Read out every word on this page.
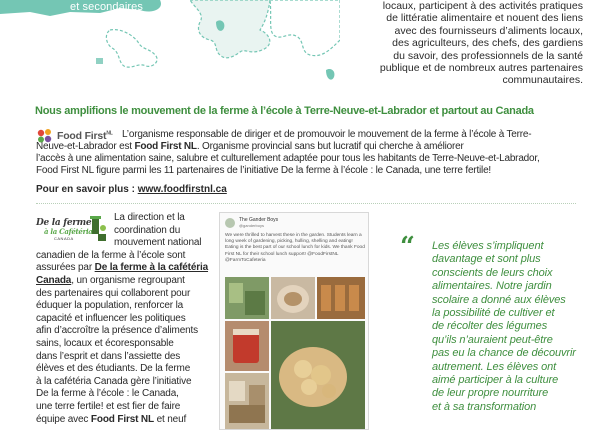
et secondaires	locaux, participent à des activités pratiques
de littératie alimentaire et nouent des liens
avec des fournisseurs d’aliments locaux,
des agriculteurs, des chefs, des gardiens
du savoir, des professionnels de la santé
publique et de nombreux autres partenaires
communautaires.
Nous amplifions le mouvement de la ferme à l’école à Terre-Neuve-et-Labrador et partout au Canada
Food First$^{NL}$ L’organisme responsable de diriger et de promouvoir le mouvement de la ferme à l’école à Terre-
Neuve-et-Labrador est Food First NL. Organisme provincial sans but lucratif qui cherche à améliorer
l’accès à une alimentation saine, salubre et culturellement adaptée pour tous les habitants de Terre-Neuve-et-Labrador,
Food First NL figure parmi les 11 partenaires de l’initiative De la ferme à l’école : le Canada, une terre fertile!
Pour en savoir plus : www.foodfirstnl.ca
De la ferme
à la Cafétéria
CANADA
La direction et la
coordination du
mouvement national
canadien de la ferme à l’école sont
assurées par De la ferme à la cafétéria
Canada, un organisme regroupant
des partenaires qui collaborent pour
éduquer la population, renforcer la
capacité et influencer les politiques
afin d’accroître la présence d’aliments
sains, locaux et écoresponsable
dans l’esprit et dans l’assiette des
élèves et des étudiants. De la ferme
à la cafétéria Canada gère l’initiative
De la ferme à l’école : le Canada,
une terre fertile! et est fier de faire
équipe avec Food First NL et neuf
The Gander Boys
@ganderboys
We were thrilled to harvest these in the garden. Students learn a long week of gardening, picking, hulling, shelling and eating! Eating is the best part of our school lunch for kids. We thank Food First NL for their school lunch support! @FoodFirstNL @FarmToCafeteria	“ Les élèves s’impliquent
davantage et sont plus
conscients de leurs choix
alimentaires. Notre jardin
scolaire a donné aux élèves
la possibilité de cultiver et
de récolter des légumes
qu’ils n’auraient peut-être
pas eu la chance de découvrir
autrement. Les élèves ont
aimé participer à la culture
de leur propre nourriture
et à sa transformation
